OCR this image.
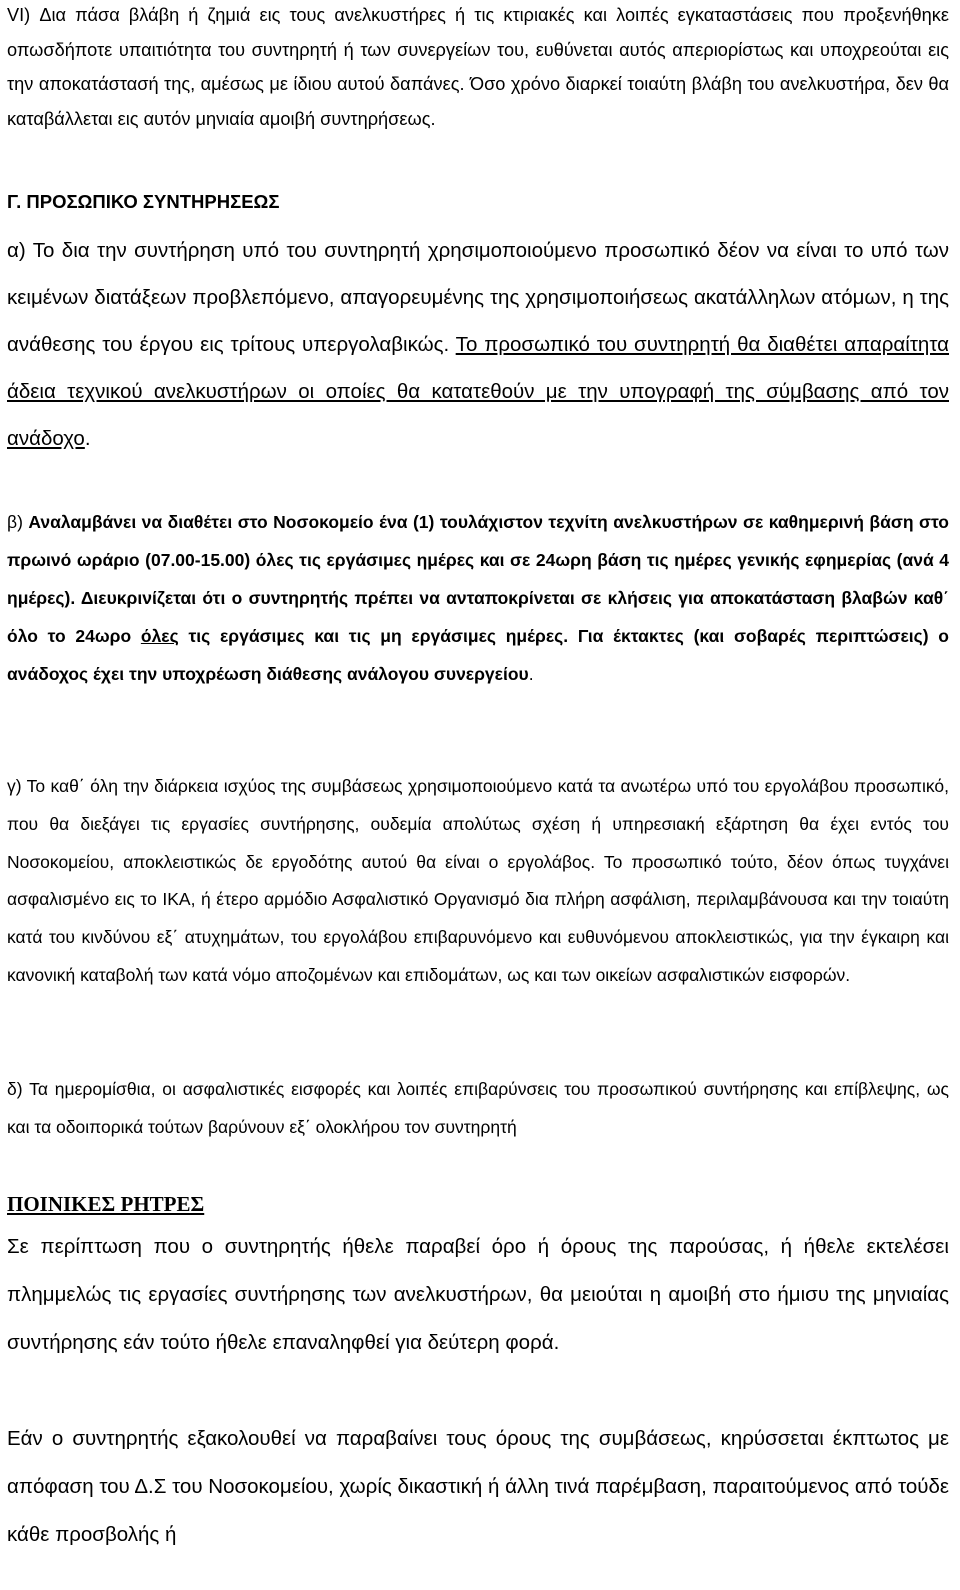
VI) Δια πάσα βλάβη ή ζημιά εις τους ανελκυστήρες ή τις κτιριακές και λοιπές εγκαταστάσεις που προξενήθηκε οπωσδήποτε υπαιτιότητα του συντηρητή ή των συνεργείων του, ευθύνεται αυτός απεριορίστως και υποχρεούται εις την αποκατάστασή της, αμέσως με ίδιου αυτού δαπάνες. Όσο χρόνο διαρκεί τοιαύτη βλάβη του ανελκυστήρα, δεν θα καταβάλλεται εις αυτόν μηνιαία αμοιβή συντηρήσεως.

Γ. ΠΡΟΣΩΠΙΚΟ ΣΥΝΤΗΡΗΣΕΩΣ

α) Το δια την συντήρηση υπό του συντηρητή χρησιμοποιούμενο προσωπικό δέον να είναι το υπό των κειμένων διατάξεων προβλεπόμενο, απαγορευμένης της χρησιμοποιήσεως ακατάλληλων ατόμων, η της ανάθεσης του έργου εις τρίτους υπεργολαβικώς. Το προσωπικό του συντηρητή θα διαθέτει απαραίτητα άδεια τεχνικού ανελκυστήρων οι οποίες θα κατατεθούν με την υπογραφή της σύμβασης από τον ανάδοχο.

β) Αναλαμβάνει να διαθέτει στο Νοσοκομείο ένα (1) τουλάχιστον τεχνίτη ανελκυστήρων σε καθημερινή βάση στο πρωινό ωράριο (07.00-15.00) όλες τις εργάσιμες ημέρες και σε 24ωρη βάση τις ημέρες γενικής εφημερίας (ανά 4 ημέρες). Διευκρινίζεται ότι ο συντηρητής πρέπει να ανταποκρίνεται σε κλήσεις για αποκατάσταση βλαβών καθ΄ όλο το 24ωρο όλες τις εργάσιμες και τις μη εργάσιμες ημέρες. Για έκτακτες (και σοβαρές περιπτώσεις) ο ανάδοχος έχει την υποχρέωση διάθεσης ανάλογου συνεργείου.

γ) Το καθ΄ όλη την διάρκεια ισχύος της συμβάσεως χρησιμοποιούμενο κατά τα ανωτέρω υπό του εργολάβου προσωπικό, που θα διεξάγει τις εργασίες συντήρησης, ουδεμία απολύτως σχέση ή υπηρεσιακή εξάρτηση θα έχει εντός του Νοσοκομείου, αποκλειστικώς δε εργοδότης αυτού θα είναι ο εργολάβος. Το προσωπικό τούτο, δέον όπως τυγχάνει ασφαλισμένο εις το ΙΚΑ, ή έτερο αρμόδιο Ασφαλιστικό Οργανισμό δια πλήρη ασφάλιση, περιλαμβάνουσα και την τοιαύτη κατά του κινδύνου εξ΄ ατυχημάτων, του εργολάβου επιβαρυνόμενο και ευθυνόμενου αποκλειστικώς, για την έγκαιρη και κανονική καταβολή των κατά νόμο αποζομένων και επιδομάτων, ως και των οικείων ασφαλιστικών εισφορών.

δ) Τα ημερομίσθια, οι ασφαλιστικές εισφορές και λοιπές επιβαρύνσεις του προσωπικού συντήρησης και επίβλεψης, ως και τα οδοιπορικά τούτων βαρύνουν εξ΄ ολοκλήρου τον συντηρητή

ΠΟΙΝΙΚΕΣ ΡΗΤΡΕΣ

Σε περίπτωση που ο συντηρητής ήθελε παραβεί όρο ή όρους της παρούσας, ή ήθελε εκτελέσει πλημμελώς τις εργασίες συντήρησης των ανελκυστήρων, θα μειούται η αμοιβή στο ήμισυ της μηνιαίας συντήρησης εάν τούτο ήθελε επαναληφθεί για δεύτερη φορά.

Εάν ο συντηρητής εξακολουθεί να παραβαίνει τους όρους της συμβάσεως, κηρύσσεται έκπτωτος με απόφαση του Δ.Σ του Νοσοκομείου, χωρίς δικαστική ή άλλη τινά παρέμβαση, παραιτούμενος από τούδε κάθε προσβολής ή
